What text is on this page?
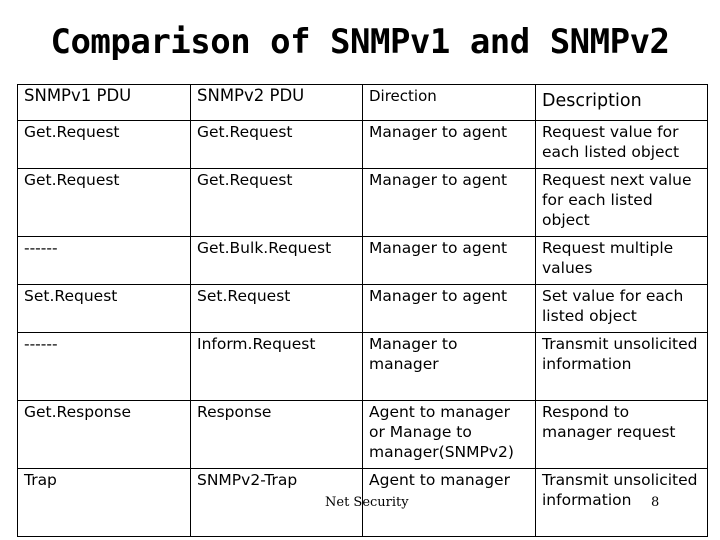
Comparison of SNMPv1 and SNMPv2
SNMPv1 PDU	SNMPv2 PDU	Direction	Description
Get.Request	Get.Request	Manager to agent	Request value for each listed object
Get.Request	Get.Request	Manager to agent	Request next value for each listed object
------	Get.Bulk.Request	Manager to agent	Request multiple values
Set.Request	Set.Request	Manager to agent	Set value for each listed object
------	Inform.Request	Manager to manager	Transmit unsolicited information
Get.Response	Response	Agent to manager or Manage to manager(SNMPv2)	Respond to manager request
Trap	SNMPv2-Trap	Agent to manager	Transmit unsolicited information
Net Security	8
